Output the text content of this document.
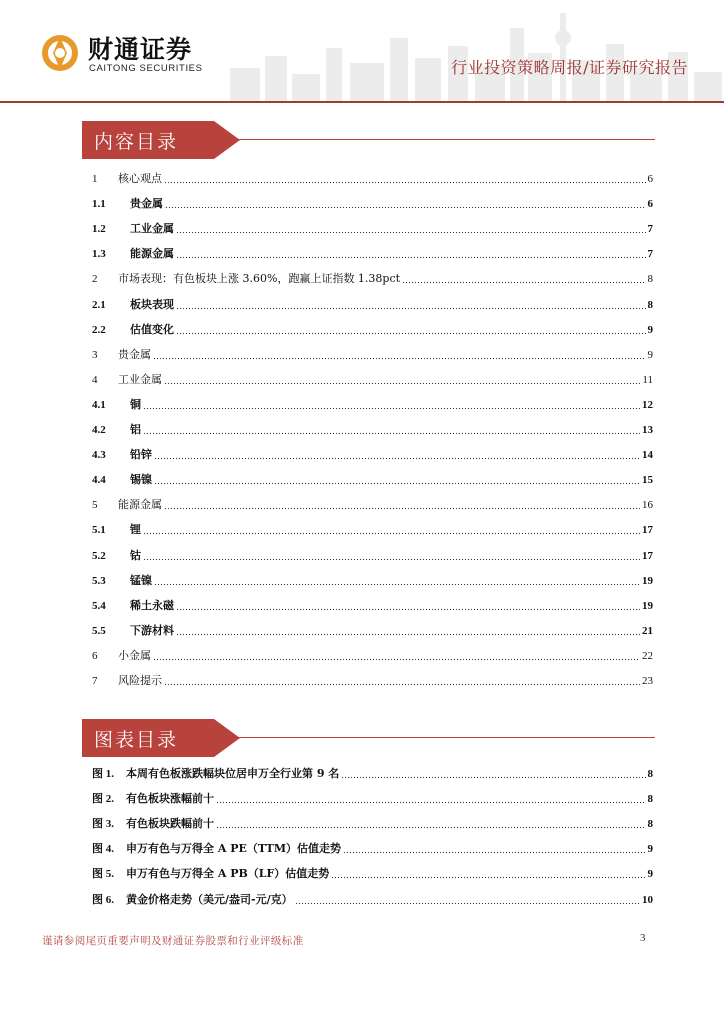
财通证券
CAITONG SECURITIES	行业投资策略周报/证券研究报告
内容目录
1	核心观点	6
1.1	贵金属	6
1.2	工业金属	7
1.3	能源金属	7
2	市场表现：有色板块上涨 3.60%，跑赢上证指数 1.38pct	8
2.1	板块表现	8
2.2	估值变化	9
3	贵金属	9
4	工业金属	11
4.1	铜	12
4.2	铝	13
4.3	铅锌	14
4.4	锡镍	15
5	能源金属	16
5.1	锂	17
5.2	钴	17
5.3	锰镍	19
5.4	稀土永磁	19
5.5	下游材料	21
6	小金属	22
7	风险提示	23
图表目录
图 1.	本周有色板涨跌幅块位居申万全行业第 9 名	8
图 2.	有色板块涨幅前十	8
图 3.	有色板块跌幅前十	8
图 4.	申万有色与万得全 A PE（TTM）估值走势	9
图 5.	申万有色与万得全 A PB（LF）估值走势	9
图 6.	黄金价格走势（美元/盎司-元/克）	10
谨请参阅尾页重要声明及财通证券股票和行业评级标准	3
